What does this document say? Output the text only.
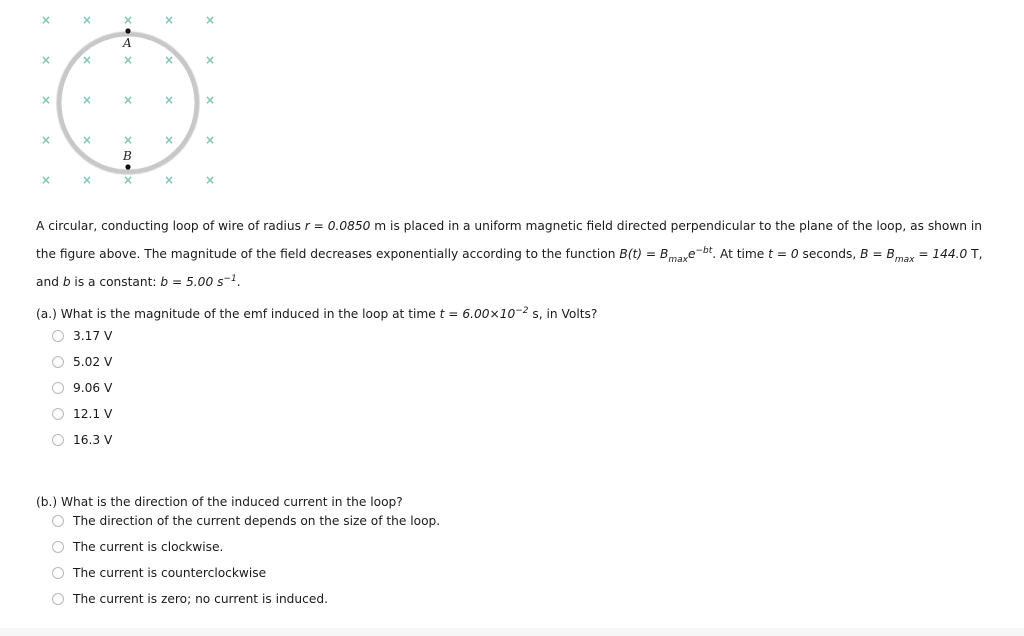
×	×	×	×	×
×	×	×	×	×
×	×	×	×	×
×	×	×	×	×
×	×	×	×	×
A
B
A circular, conducting loop of wire of radius r = 0.0850 m is placed in a uniform magnetic field directed perpendicular to the plane of the loop, as shown in the figure above. The magnitude of the field decreases exponentially according to the function $B(t) = B_{max}e^{-bt}$. At time t = 0 seconds, $B = B_{max} = 144.0$ T, and b is a constant: b = 5.00 $s^{-1}$.
(a.) What is the magnitude of the emf induced in the loop at time $t = 6.00\times 10^{-2}$ s, in Volts?
3.17 V
5.02 V
9.06 V
12.1 V
16.3 V
(b.) What is the direction of the induced current in the loop?
The direction of the current depends on the size of the loop.
The current is clockwise.
The current is counterclockwise
The current is zero; no current is induced.
